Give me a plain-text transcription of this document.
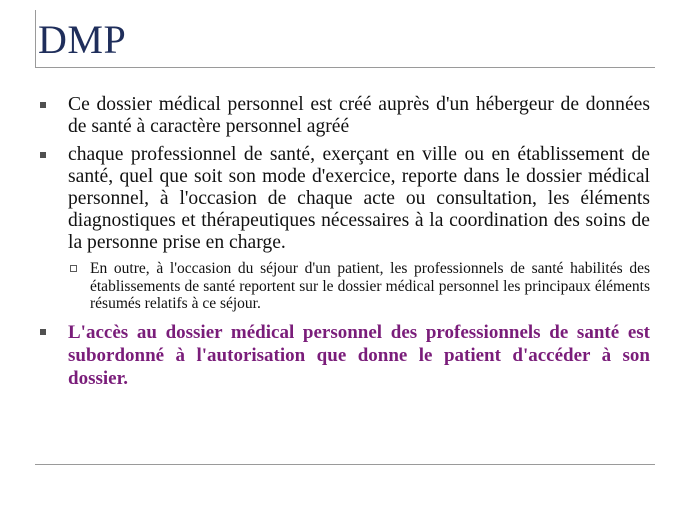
DMP
Ce dossier médical personnel est créé auprès d'un hébergeur de données de santé à caractère personnel agréé
chaque professionnel de santé, exerçant en ville ou en établissement de santé, quel que soit son mode d'exercice, reporte dans le dossier médical personnel, à l'occasion de chaque acte ou consultation, les éléments diagnostiques et thérapeutiques nécessaires à la coordination des soins de la personne prise en charge.
En outre, à l'occasion du séjour d'un patient, les professionnels de santé habilités des établissements de santé reportent sur le dossier médical personnel les principaux éléments résumés relatifs à ce séjour.
L'accès au dossier médical personnel des professionnels de santé est subordonné à l'autorisation que donne le patient d'accéder à son dossier.
